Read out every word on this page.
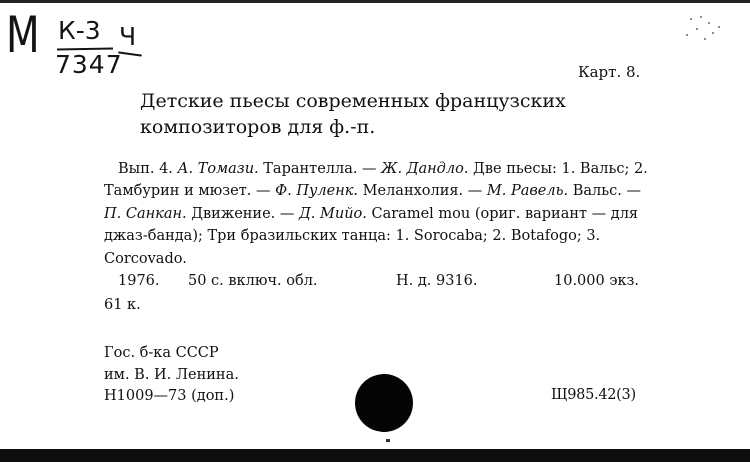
М К-3
7347
Ч
Карт. 8.

Детские пьесы современных французских композиторов для ф.-п.

Вып. 4. А. Томази. Тарантелла. — Ж. Дандло. Две пьесы: 1. Вальс; 2. Тамбурин и мюзет. — Ф. Пуленк. Меланхолия. — М. Равель. Вальс. — П. Санкан. Движение. — Д. Мийо. Caramel mou (ориг. вариант — для джаз-банда); Три бразильских танца: 1. Sorocaba; 2. Botafogo; 3. Corcovado.

1976. 50 с. включ. обл.	Н. д. 9316.	10.000 экз.
61 к.
Гос. б-ка СССР
им. В. И. Ленина.
Н1009—73 (доп.)	Щ985.42(3)
